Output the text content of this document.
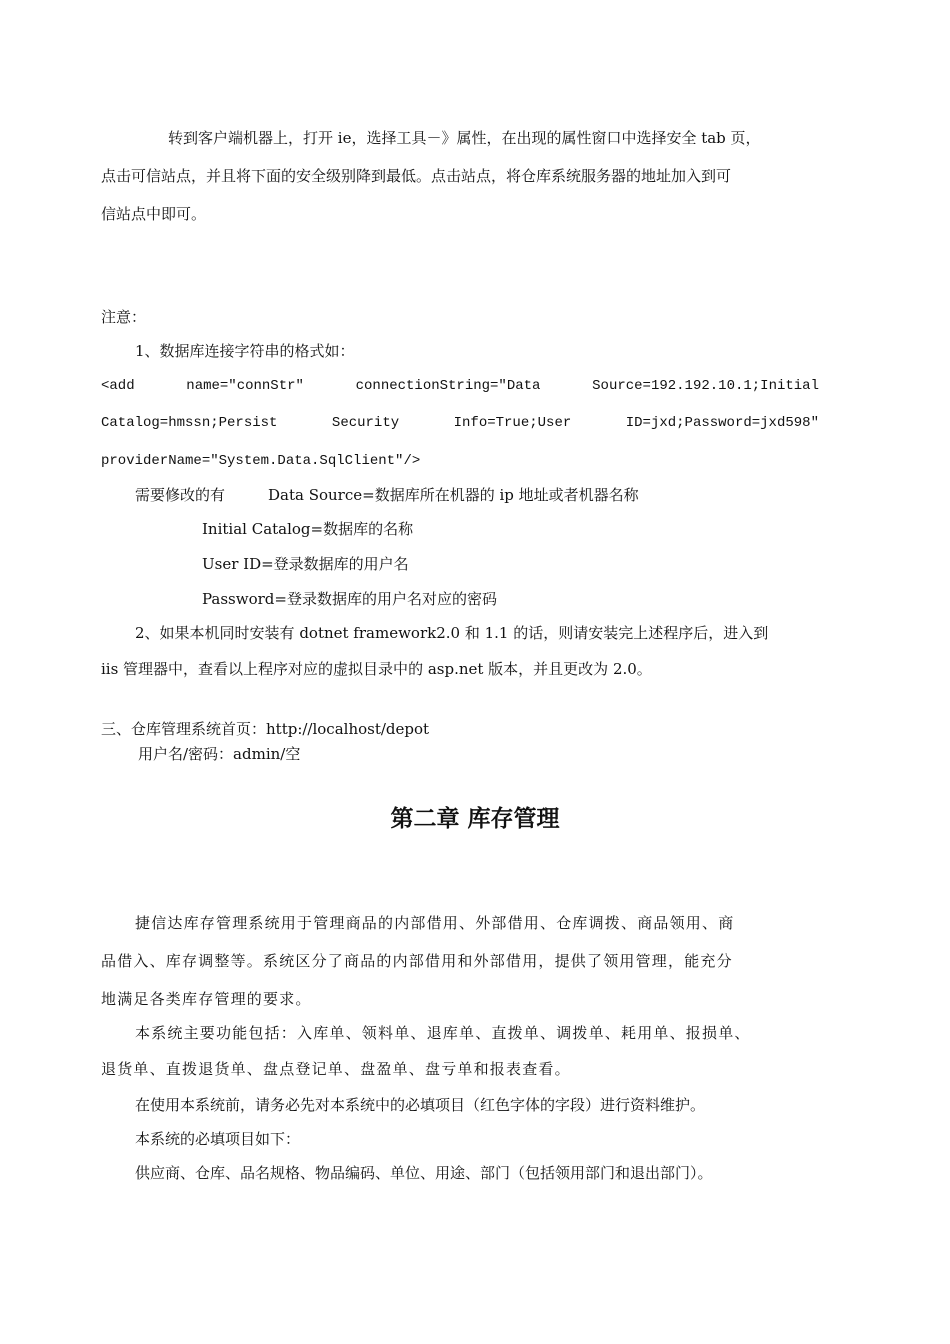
转到客户端机器上，打开 ie，选择工具－》属性，在出现的属性窗口中选择安全 tab 页，
点击可信站点，并且将下面的安全级别降到最低。点击站点，将仓库系统服务器的地址加入到可
信站点中即可。
注意：
1、数据库连接字符串的格式如：
<add	name="connStr"	connectionString="Data	Source=192.192.10.1;Initial
Catalog=hmssn;Persist	Security	Info=True;User	ID=jxd;Password=jxd598"
providerName="System.Data.SqlClient"/>
需要修改的有	Data Source=数据库所在机器的 ip 地址或者机器名称
Initial Catalog=数据库的名称
User ID=登录数据库的用户名
Password=登录数据库的用户名对应的密码
2、如果本机同时安装有 dotnet framework2.0 和 1.1 的话，则请安装完上述程序后，进入到
iis 管理器中，查看以上程序对应的虚拟目录中的 asp.net 版本，并且更改为 2.0。
三、仓库管理系统首页：http://localhost/depot
用户名/密码：admin/空
第二章 库存管理
捷信达库存管理系统用于管理商品的内部借用、外部借用、仓库调拨、商品领用、商
品借入、库存调整等。系统区分了商品的内部借用和外部借用，提供了领用管理，能充分
地满足各类库存管理的要求。
本系统主要功能包括：入库单、领料单、退库单、直拨单、调拨单、耗用单、报损单、
退货单、直拨退货单、盘点登记单、盘盈单、盘亏单和报表查看。
在使用本系统前，请务必先对本系统中的必填项目（红色字体的字段）进行资料维护。
本系统的必填项目如下：
供应商、仓库、品名规格、物品编码、单位、用途、部门（包括领用部门和退出部门）。
